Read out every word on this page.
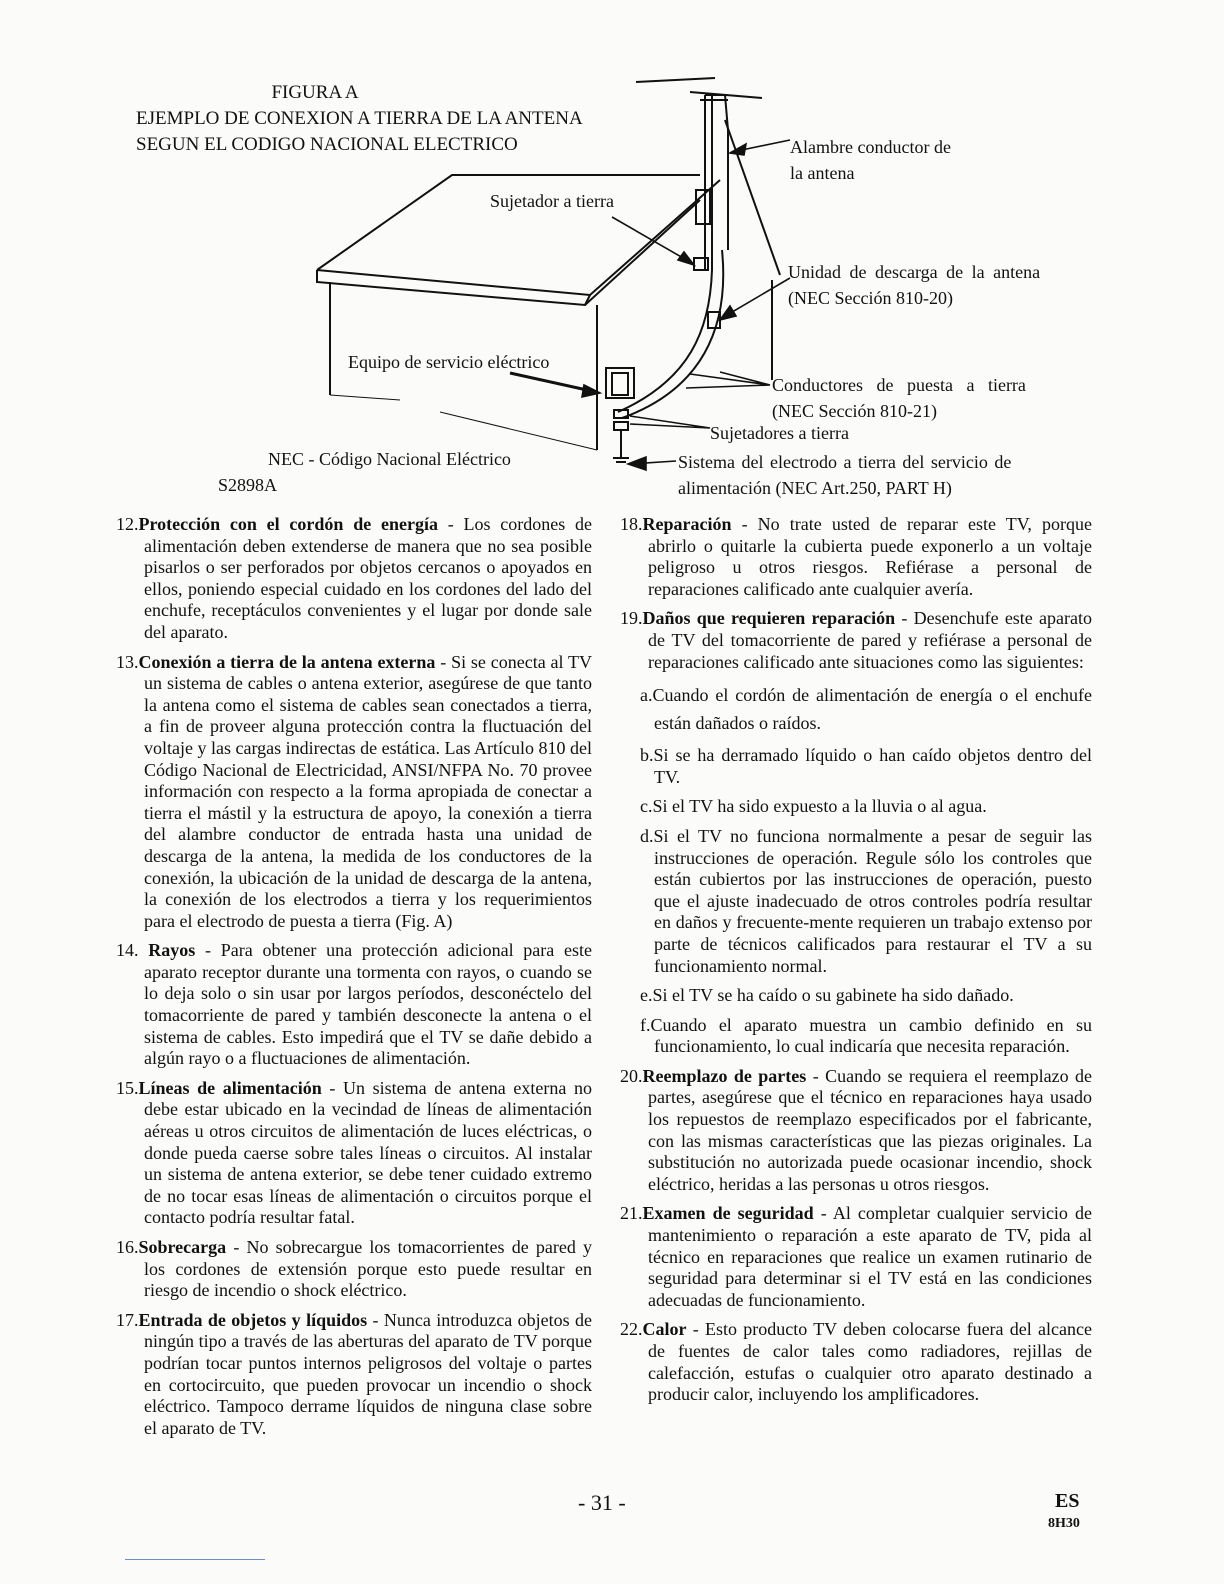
FIGURA A
EJEMPLO DE CONEXION A TIERRA DE LA ANTENA
SEGUN EL CODIGO NACIONAL ELECTRICO	Alambre conductor de
la antena
Sujetador a tierra
Unidad de descarga de la antena
(NEC Sección 810-20)
Equipo de servicio eléctrico
Conductores de puesta a tierra
(NEC Sección 810-21)
Sujetadores a tierra
Sistema del electrodo a tierra del servicio de
alimentación (NEC Art.250, PART H)
NEC - Código Nacional Eléctrico
S2898A
12.Protección con el cordón de energía - Los cordones de alimentación deben extenderse de manera que no sea posible pisarlos o ser perforados por objetos cercanos o apoyados en ellos, poniendo especial cuidado en los cordones del lado del enchufe, receptáculos convenientes y el lugar por donde sale del aparato.
13.Conexión a tierra de la antena externa - Si se conecta al TV un sistema de cables o antena exterior, asegúrese de que tanto la antena como el sistema de cables sean conectados a tierra, a fin de proveer alguna protección contra la fluctuación del voltaje y las cargas indirectas de estática. Las Artículo 810 del Código Nacional de Electricidad, ANSI/NFPA No. 70 provee información con respecto a la forma apropiada de conectar a tierra el mástil y la estructura de apoyo, la conexión a tierra del alambre conductor de entrada hasta una unidad de descarga de la antena, la medida de los conductores de la conexión, la ubicación de la unidad de descarga de la antena, la conexión de los electrodos a tierra y los requerimientos para el electrodo de puesta a tierra (Fig. A)
14. Rayos - Para obtener una protección adicional para este aparato receptor durante una tormenta con rayos, o cuando se lo deja solo o sin usar por largos períodos, desconéctelo del tomacorriente de pared y también desconecte la antena o el sistema de cables. Esto impedirá que el TV se dañe debido a algún rayo o a fluctuaciones de alimentación.
15.Líneas de alimentación - Un sistema de antena externa no debe estar ubicado en la vecindad de líneas de alimentación aéreas u otros circuitos de alimentación de luces eléctricas, o donde pueda caerse sobre tales líneas o circuitos. Al instalar un sistema de antena exterior, se debe tener cuidado extremo de no tocar esas líneas de alimentación o circuitos porque el contacto podría resultar fatal.
16.Sobrecarga - No sobrecargue los tomacorrientes de pared y los cordones de extensión porque esto puede resultar en riesgo de incendio o shock eléctrico.
17.Entrada de objetos y líquidos - Nunca introduzca objetos de ningún tipo a través de las aberturas del aparato de TV porque podrían tocar puntos internos peligrosos del voltaje o partes en cortocircuito, que pueden provocar un incendio o shock eléctrico. Tampoco derrame líquidos de ninguna clase sobre el aparato de TV.
18.Reparación - No trate usted de reparar este TV, porque abrirlo o quitarle la cubierta puede exponerlo a un voltaje peligroso u otros riesgos. Refiérase a personal de reparaciones calificado ante cualquier avería.
19.Daños que requieren reparación - Desenchufe este aparato de TV del tomacorriente de pared y refiérase a personal de reparaciones calificado ante situaciones como las siguientes:
a.Cuando el cordón de alimentación de energía o el enchufe están dañados o raídos.
b.Si se ha derramado líquido o han caído objetos dentro del TV.
c.Si el TV ha sido expuesto a la lluvia o al agua.
d.Si el TV no funciona normalmente a pesar de seguir las instrucciones de operación. Regule sólo los controles que están cubiertos por las instrucciones de operación, puesto que el ajuste inadecuado de otros controles podría resultar en daños y frecuente-mente requieren un trabajo extenso por parte de técnicos calificados para restaurar el TV a su funcionamiento normal.
e.Si el TV se ha caído o su gabinete ha sido dañado.
f.Cuando el aparato muestra un cambio definido en su funcionamiento, lo cual indicaría que necesita reparación.
20.Reemplazo de partes - Cuando se requiera el reemplazo de partes, asegúrese que el técnico en reparaciones haya usado los repuestos de reemplazo especificados por el fabricante, con las mismas características que las piezas originales. La substitución no autorizada puede ocasionar incendio, shock eléctrico, heridas a las personas u otros riesgos.
21.Examen de seguridad - Al completar cualquier servicio de mantenimiento o reparación a este aparato de TV, pida al técnico en reparaciones que realice un examen rutinario de seguridad para determinar si el TV está en las condiciones adecuadas de funcionamiento.
22.Calor - Esto producto TV deben colocarse fuera del alcance de fuentes de calor tales como radiadores, rejillas de calefacción, estufas o cualquier otro aparato destinado a producir calor, incluyendo los amplificadores.
- 31 -	ES
8H30
